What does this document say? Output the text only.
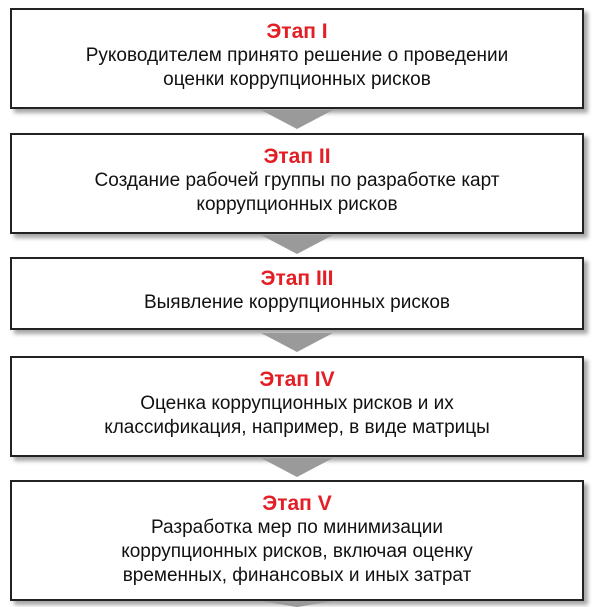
Этап I
Руководителем принято решение о проведении
оценки коррупционных рисков
Этап II
Создание рабочей группы по разработке карт
коррупционных рисков
Этап III
Выявление коррупционных рисков
Этап IV
Оценка коррупционных рисков и их
классификация, например, в виде матрицы
Этап V
Разработка мер по минимизации
коррупционных рисков, включая оценку
временных, финансовых и иных затрат
